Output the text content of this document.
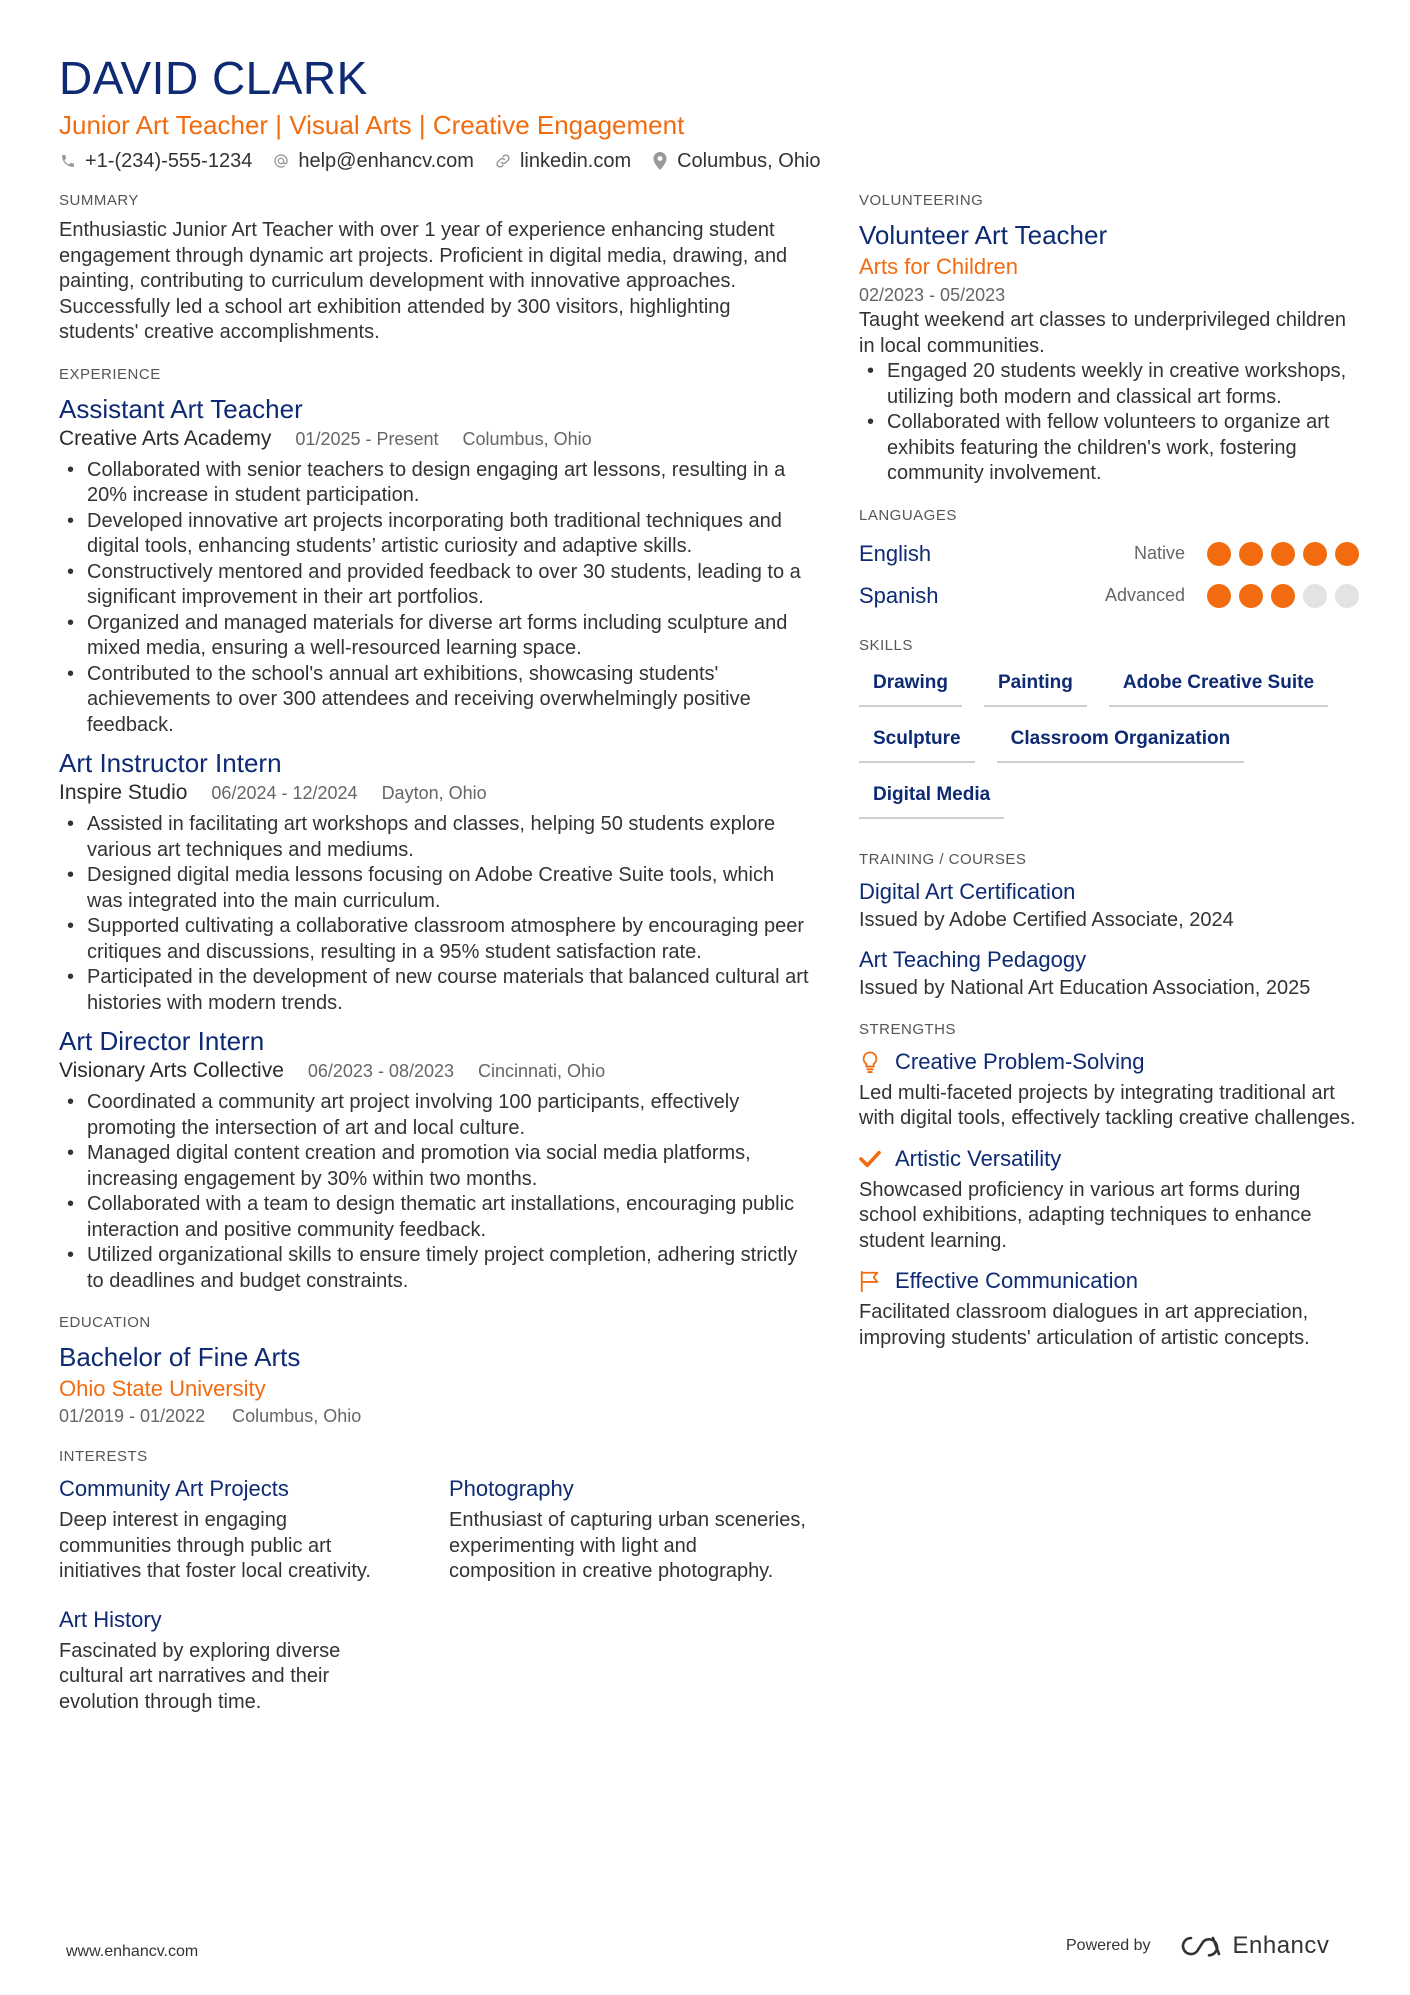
DAVID CLARK
Junior Art Teacher | Visual Arts | Creative Engagement
+1-(234)-555-1234 help@enhancv.com linkedin.com Columbus, Ohio
SUMMARY
Enthusiastic Junior Art Teacher with over 1 year of experience enhancing student engagement through dynamic art projects. Proficient in digital media, drawing, and painting, contributing to curriculum development with innovative approaches. Successfully led a school art exhibition attended by 300 visitors, highlighting students' creative accomplishments.
EXPERIENCE
Assistant Art Teacher
Creative Arts Academy 01/2025 - Present Columbus, Ohio
• Collaborated with senior teachers to design engaging art lessons, resulting in a 20% increase in student participation.
• Developed innovative art projects incorporating both traditional techniques and digital tools, enhancing students’ artistic curiosity and adaptive skills.
• Constructively mentored and provided feedback to over 30 students, leading to a significant improvement in their art portfolios.
• Organized and managed materials for diverse art forms including sculpture and mixed media, ensuring a well-resourced learning space.
• Contributed to the school's annual art exhibitions, showcasing students' achievements to over 300 attendees and receiving overwhelmingly positive feedback.
Art Instructor Intern
Inspire Studio 06/2024 - 12/2024 Dayton, Ohio
• Assisted in facilitating art workshops and classes, helping 50 students explore various art techniques and mediums.
• Designed digital media lessons focusing on Adobe Creative Suite tools, which was integrated into the main curriculum.
• Supported cultivating a collaborative classroom atmosphere by encouraging peer critiques and discussions, resulting in a 95% student satisfaction rate.
• Participated in the development of new course materials that balanced cultural art histories with modern trends.
Art Director Intern
Visionary Arts Collective 06/2023 - 08/2023 Cincinnati, Ohio
• Coordinated a community art project involving 100 participants, effectively promoting the intersection of art and local culture.
• Managed digital content creation and promotion via social media platforms, increasing engagement by 30% within two months.
• Collaborated with a team to design thematic art installations, encouraging public interaction and positive community feedback.
• Utilized organizational skills to ensure timely project completion, adhering strictly to deadlines and budget constraints.
EDUCATION
Bachelor of Fine Arts
Ohio State University
01/2019 - 01/2022 Columbus, Ohio
INTERESTS
Community Art Projects
Deep interest in engaging communities through public art initiatives that foster local creativity.
Photography
Enthusiast of capturing urban sceneries, experimenting with light and composition in creative photography.
Art History
Fascinated by exploring diverse cultural art narratives and their evolution through time.
VOLUNTEERING
Volunteer Art Teacher
Arts for Children
02/2023 - 05/2023
Taught weekend art classes to underprivileged children in local communities.
• Engaged 20 students weekly in creative workshops, utilizing both modern and classical art forms.
• Collaborated with fellow volunteers to organize art exhibits featuring the children's work, fostering community involvement.
LANGUAGES
English	Native
Spanish	Advanced
SKILLS
Drawing	Painting	Adobe Creative Suite
Sculpture	Classroom Organization
Digital Media
TRAINING / COURSES
Digital Art Certification
Issued by Adobe Certified Associate, 2024
Art Teaching Pedagogy
Issued by National Art Education Association, 2025
STRENGTHS
Creative Problem-Solving
Led multi-faceted projects by integrating traditional art with digital tools, effectively tackling creative challenges.
Artistic Versatility
Showcased proficiency in various art forms during school exhibitions, adapting techniques to enhance student learning.
Effective Communication
Facilitated classroom dialogues in art appreciation, improving students' articulation of artistic concepts.
www.enhancv.com	Powered by	Enhancv
